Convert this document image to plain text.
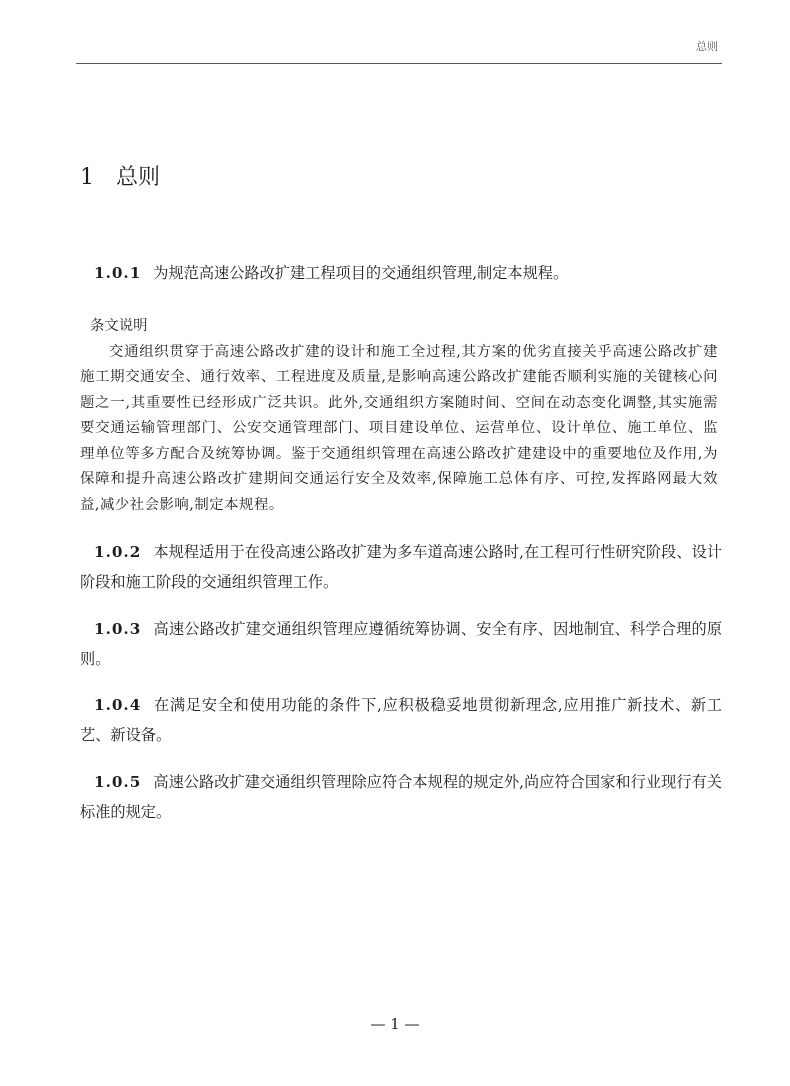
总则
1 总则

1.0.1 为规范高速公路改扩建工程项目的交通组织管理,制定本规程。

条文说明
交通组织贯穿于高速公路改扩建的设计和施工全过程,其方案的优劣直接关乎高速公路改扩建施工期交通安全、通行效率、工程进度及质量,是影响高速公路改扩建能否顺利实施的关键核心问题之一,其重要性已经形成广泛共识。此外,交通组织方案随时间、空间在动态变化调整,其实施需要交通运输管理部门、公安交通管理部门、项目建设单位、运营单位、设计单位、施工单位、监理单位等多方配合及统筹协调。鉴于交通组织管理在高速公路改扩建建设中的重要地位及作用,为保障和提升高速公路改扩建期间交通运行安全及效率,保障施工总体有序、可控,发挥路网最大效益,减少社会影响,制定本规程。

1.0.2 本规程适用于在役高速公路改扩建为多车道高速公路时,在工程可行性研究阶段、设计阶段和施工阶段的交通组织管理工作。

1.0.3 高速公路改扩建交通组织管理应遵循统筹协调、安全有序、因地制宜、科学合理的原则。

1.0.4 在满足安全和使用功能的条件下,应积极稳妥地贯彻新理念,应用推广新技术、新工艺、新设备。

1.0.5 高速公路改扩建交通组织管理除应符合本规程的规定外,尚应符合国家和行业现行有关标准的规定。

— 1 —
